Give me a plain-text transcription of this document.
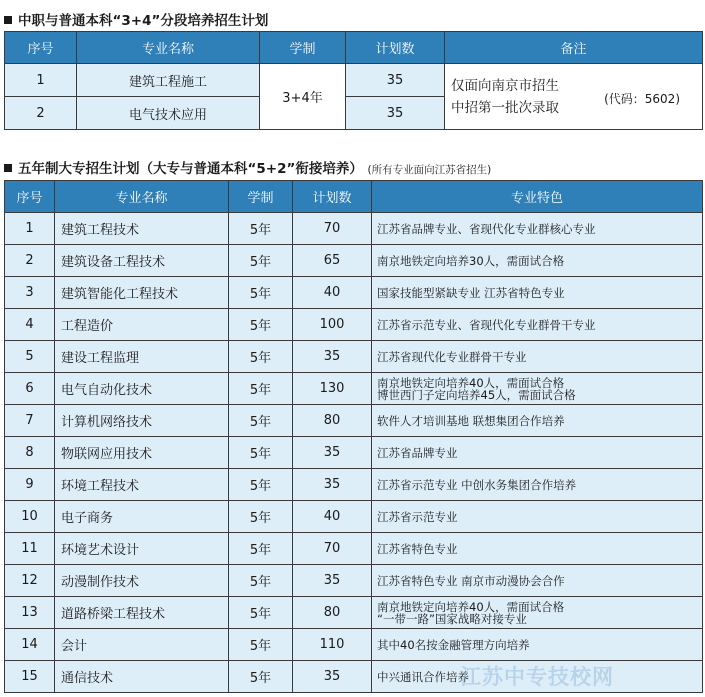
中职与普通本科“3+4”分段培养招生计划
序号	专业名称	学制	计划数	备注
1	建筑工程施工	3+4年	35	仅面向南京市招生
中招第一批次录取
(代码：5602)

2	电气技术应用		35	
五年制大专招生计划（大专与普通本科“5+2”衔接培养） (所有专业面向江苏省招生)
序号	专业名称	学制	计划数	专业特色
1	建筑工程技术	5年	70	江苏省品牌专业、省现代化专业群核心专业

2	建筑设备工程技术	5年	65	南京地铁定向培养30人，需面试合格

3	建筑智能化工程技术	5年	40	国家技能型紧缺专业 江苏省特色专业

4	工程造价	5年	100	江苏省示范专业、省现代化专业群骨干专业

5	建设工程监理	5年	35	江苏省现代化专业群骨干专业

6	电气自动化技术	5年	130	南京地铁定向培养40人，需面试合格
博世西门子定向培养45人，需面试合格

7	计算机网络技术	5年	80	软件人才培训基地 联想集团合作培养

8	物联网应用技术	5年	35	江苏省品牌专业

9	环境工程技术	5年	35	江苏省示范专业 中创水务集团合作培养

10	电子商务	5年	40	江苏省示范专业

11	环境艺术设计	5年	70	江苏省特色专业

12	动漫制作技术	5年	35	江苏省特色专业 南京市动漫协会合作

13	道路桥梁工程技术	5年	80	南京地铁定向培养40人，需面试合格
“一带一路”国家战略对接专业

14	会计	5年	110	其中40名按金融管理方向培养

15	通信技术	5年	35	中兴通讯合作培养
江苏中专技校网
